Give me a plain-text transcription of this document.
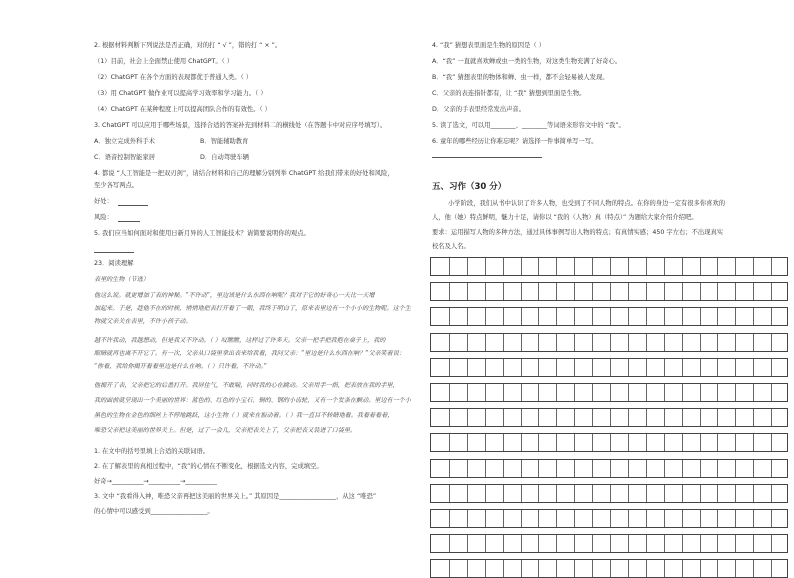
2. 根据材料判断下列说法是否正确，对的打 “ √ ”，错的打 “ × ”。
（1）目前，社会上全面禁止使用 ChatGPT。（ ）
（2）ChatGPT 在各个方面的表现都优于普通人类。（ ）
（3）用 ChatGPT 做作业可以提高学习效率和学习能力。（ ）
（4）ChatGPT 在某种程度上可以提高团队合作的有效性。（ ）
3. ChatGPT 可以应用于哪些场景，选择合适的答案补充到材料二的横线处（在答题卡中对应序号填写）。
A．独立完成外科手术	B．智能辅助教育
C．语音控制智能家居	D．自动驾驶车辆
4. 都说 “人工智能是一把双刃剑”，请结合材料和自己的理解分别列举 ChatGPT 给我们带来的好处和风险，
至少各写两点。
好处：
风险：
5. 我们应当如何面对和使用日新月异的人工智能技术？请简要说明你的观点。
23．阅读理解
表里的生物（节选）
他这么说。就更增加了表的神秘。“不许动”，里边该是什么东西在响呢？我对于它的好奇心一天比一天增
加起来。于是，趁他不在的时候，悄悄地把表打开看了一眼，我终于明白了，原来表里边有一个小小的生物呢。这个生
物就父亲关在表里，不许小孩子动。
越不许我动，我越想动，但是我又不许动。（ ）叹瞧瞧，这样过了许多天。父亲一把手把我抱在桌子上，我的
眼睛就再也离不开它了。有一次，父亲从口袋里拿出表来给我看，我问父亲：“里边是什么东西在响？”父亲笑着说：
“你看，我给你揭开看看里边是什么在响。（ ）只许看，不许动。”
他揭开了表，父亲把它的后盖打开。我屏住气，不敢喘，同时我的心在跳动。父亲用手一指，把表放在我的手里，
我的面前就呈现出一个美丽的世界：蓝色的、红色的小宝石、铜的、钢的小齿轮，又有一个发条在颤动。里边有一个小
黑色的生物在金色的细丝上不停地跳跃，这小生物（ ）就来在振动着。（ ）我一直目不转睛地看。我看着看着，
唯恐父亲把这美丽的世界关上。但是，过了一会儿，父亲把表关上了，父亲把表又装进了口袋里。
1. 在文中的括号里填上合适的关联词语。
2. 在了解表里的真相过程中，“我”的心情在不断变化，根据选文内容，完成填空。
好奇→__________→__________→__________
3. 文中 “我看得入神，唯恐父亲再把这美丽的世界关上。” 其原因是__________________，从这 “唯恐”
的心情中可以感受到__________________。
4. “我” 猜想表里面是生物的原因是（ ）
A．“我” 一直就喜欢蝉或虫一类的生物，对这类生物充满了好奇心。
B．“我” 猜想表里的物体和蝉、虫一样，都不会轻易被人发现。
C．父亲的表连指针都有，让 “我” 猜想到里面是生物。
D．父亲的手表里经常发出声音。
5. 读了选文，可以用________、________等词语来形容文中的 “我”。
6. 童年的哪些经历让你难忘呢？请选择一件事简单写一写。
五、习作（30 分）
小学阶段，我们从书中认识了许多人物，也受到了不同人物的特点。在你的身边一定有很多你喜欢的
人，他（她）特点鲜明，魅力十足，请你以 “我的（人物）真（特点）” 为题给大家介绍介绍吧。
要求：运用描写人物的多种方法，通过具体事例写出人物的特点；有真情实感；450 字左右；不出现真实
校名及人名。
